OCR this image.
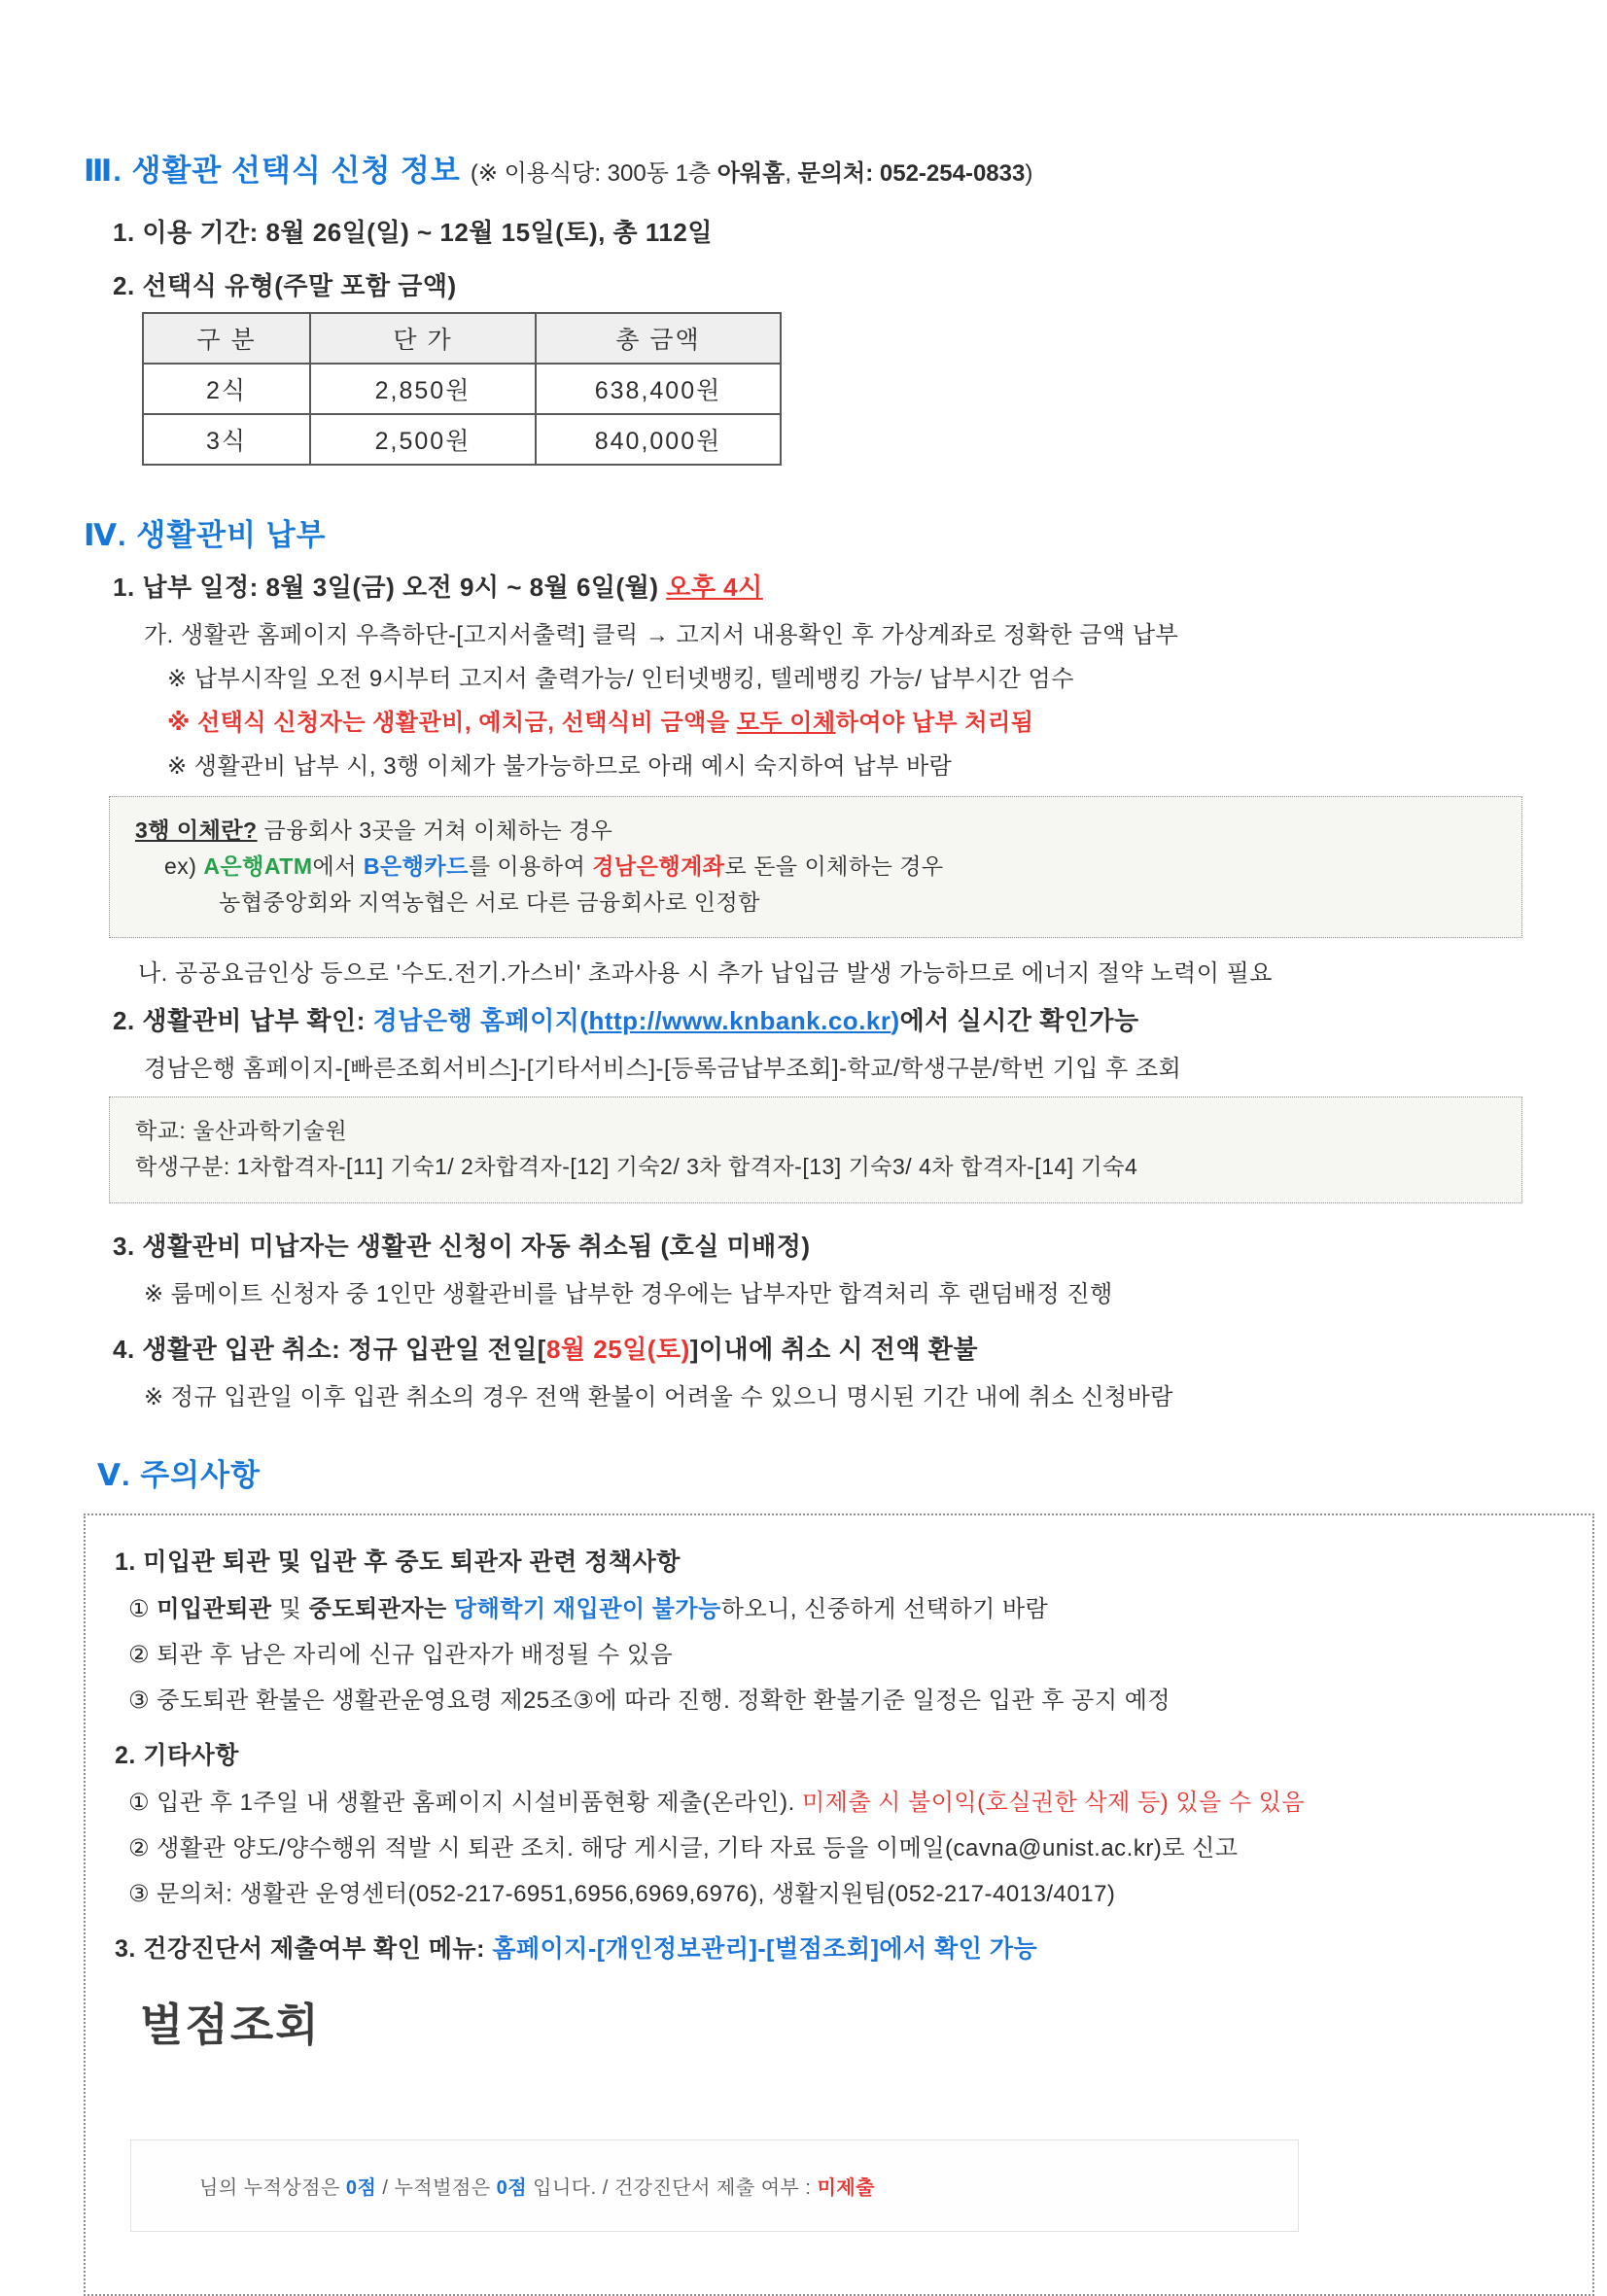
Ⅲ. 생활관 선택식 신청 정보 (※ 이용식당: 300동 1층 아워홈, 문의처: 052-254-0833)
1. 이용 기간: 8월 26일(일) ~ 12월 15일(토), 총 112일
2. 선택식 유형(주말 포함 금액)
구 분	단 가	총 금액
2식	2,850원	638,400원
3식	2,500원	840,000원
Ⅳ. 생활관비 납부
1. 납부 일정: 8월 3일(금) 오전 9시 ~ 8월 6일(월) 오후 4시
가. 생활관 홈페이지 우측하단-[고지서출력] 클릭 → 고지서 내용확인 후 가상계좌로 정확한 금액 납부
※ 납부시작일 오전 9시부터 고지서 출력가능/ 인터넷뱅킹, 텔레뱅킹 가능/ 납부시간 엄수
※ 선택식 신청자는 생활관비, 예치금, 선택식비 금액을 모두 이체하여야 납부 처리됨
※ 생활관비 납부 시, 3행 이체가 불가능하므로 아래 예시 숙지하여 납부 바람
3행 이체란? 금융회사 3곳을 거쳐 이체하는 경우
ex) A은행ATM에서 B은행카드를 이용하여 경남은행계좌로 돈을 이체하는 경우
농협중앙회와 지역농협은 서로 다른 금융회사로 인정함
나. 공공요금인상 등으로 '수도.전기.가스비' 초과사용 시 추가 납입금 발생 가능하므로 에너지 절약 노력이 필요
2. 생활관비 납부 확인: 경남은행 홈페이지(http://www.knbank.co.kr)에서 실시간 확인가능
경남은행 홈페이지-[빠른조회서비스]-[기타서비스]-[등록금납부조회]-학교/학생구분/학번 기입 후 조회
학교: 울산과학기술원
학생구분: 1차합격자-[11] 기숙1/ 2차합격자-[12] 기숙2/ 3차 합격자-[13] 기숙3/ 4차 합격자-[14] 기숙4
3. 생활관비 미납자는 생활관 신청이 자동 취소됨 (호실 미배정)
※ 룸메이트 신청자 중 1인만 생활관비를 납부한 경우에는 납부자만 합격처리 후 랜덤배정 진행
4. 생활관 입관 취소: 정규 입관일 전일[8월 25일(토)]이내에 취소 시 전액 환불
※ 정규 입관일 이후 입관 취소의 경우 전액 환불이 어려울 수 있으니 명시된 기간 내에 취소 신청바람
Ⅴ. 주의사항
1. 미입관 퇴관 및 입관 후 중도 퇴관자 관련 정책사항
① 미입관퇴관 및 중도퇴관자는 당해학기 재입관이 불가능하오니, 신중하게 선택하기 바람
② 퇴관 후 남은 자리에 신규 입관자가 배정될 수 있음
③ 중도퇴관 환불은 생활관운영요령 제25조③에 따라 진행. 정확한 환불기준 일정은 입관 후 공지 예정
2. 기타사항
① 입관 후 1주일 내 생활관 홈페이지 시설비품현황 제출(온라인). 미제출 시 불이익(호실권한 삭제 등) 있을 수 있음
② 생활관 양도/양수행위 적발 시 퇴관 조치. 해당 게시글, 기타 자료 등을 이메일(cavna@unist.ac.kr)로 신고
③ 문의처: 생활관 운영센터(052-217-6951,6956,6969,6976), 생활지원팀(052-217-4013/4017)
3. 건강진단서 제출여부 확인 메뉴: 홈페이지-[개인정보관리]-[벌점조회]에서 확인 가능
벌점조회
님의 누적상점은 0점 / 누적벌점은 0점 입니다. / 건강진단서 제출 여부 : 미제출
